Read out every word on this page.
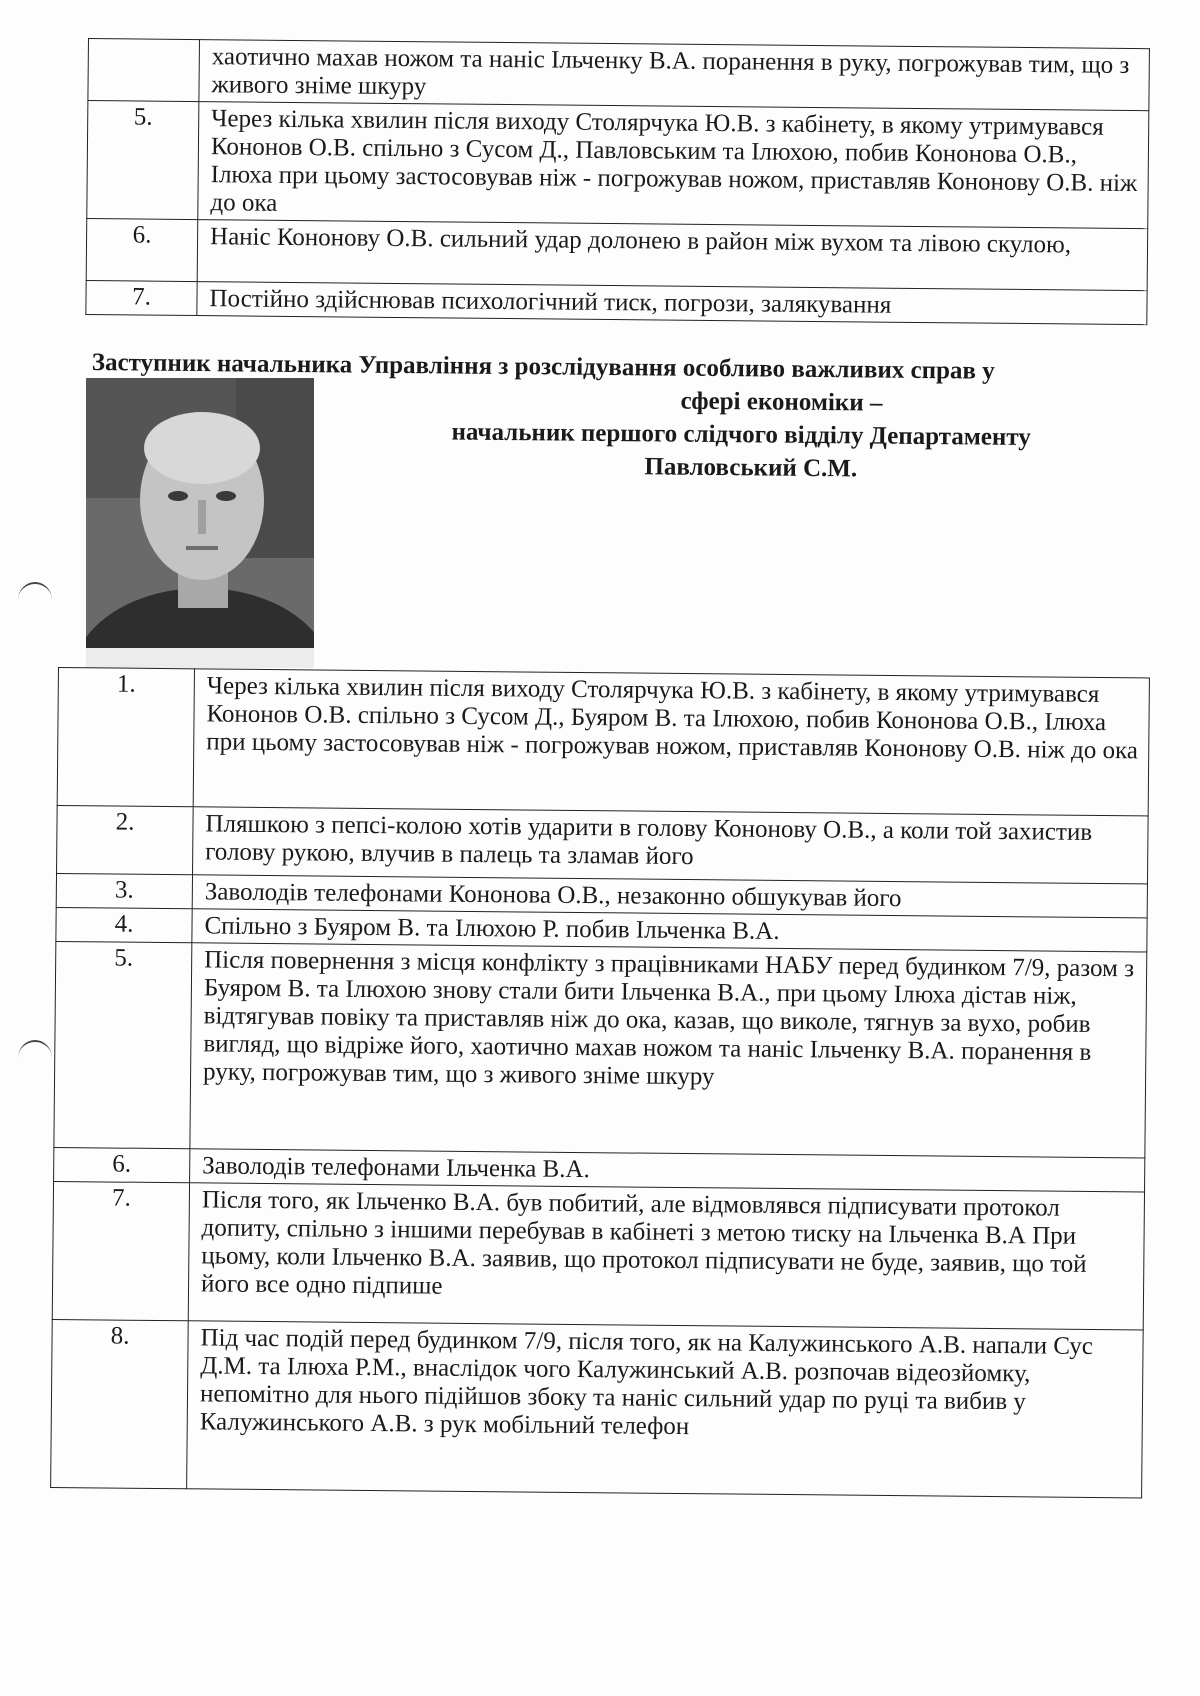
	хаотично махав ножом та наніс Ільченку В.А. поранення в руку, погрожував тим, що з живого зніме шкуру
5.	Через кілька хвилин після виходу Столярчука Ю.В. з кабінету, в якому утримувався Кононов О.В. спільно з Сусом Д., Павловським та Ілюхою, побив Кононова О.В., Ілюха при цьому застосовував ніж - погрожував ножом, приставляв Кононову О.В. ніж до ока
6.	Наніс Кононову О.В. сильний удар долонею в район між вухом та лівою скулою,
7.	Постійно здійснював психологічний тиск, погрози, залякування
Заступник начальника Управління з розслідування особливо важливих справ у
сфері економіки –
начальник першого слідчого відділу Департаменту
Павловський С.М.
1.	Через кілька хвилин після виходу Столярчука Ю.В. з кабінету, в якому утримувався Кононов О.В. спільно з Сусом Д., Буяром В. та Ілюхою, побив Кононова О.В., Ілюха при цьому застосовував ніж - погрожував ножом, приставляв Кононову О.В. ніж до ока
2.	Пляшкою з пепсі-колою хотів ударити в голову Кононову О.В., а коли той захистив голову рукою, влучив в палець та зламав його
3.	Заволодів телефонами Кононова О.В., незаконно обшукував його
4.	Спільно з Буяром В. та Ілюхою Р. побив Ільченка В.А.
5.	Після повернення з місця конфлікту з працівниками НАБУ перед будинком 7/9, разом з Буяром В. та Ілюхою знову стали бити Ільченка В.А., при цьому Ілюха дістав ніж, відтягував повіку та приставляв ніж до ока, казав, що виколе, тягнув за вухо, робив вигляд, що відріже його, хаотично махав ножом та наніс Ільченку В.А. поранення в руку, погрожував тим, що з живого зніме шкуру
6.	Заволодів телефонами Ільченка В.А.
7.	Після того, як Ільченко В.А. був побитий, але відмовлявся підписувати протокол допиту, спільно з іншими перебував в кабінеті з метою тиску на Ільченка В.А При цьому, коли Ільченко В.А. заявив, що протокол підписувати не буде, заявив, що той його все одно підпише
8.	Під час подій перед будинком 7/9, після того, як на Калужинського А.В. напали Сус Д.М. та Ілюха Р.М., внаслідок чого Калужинський А.В. розпочав відеозйомку, непомітно для нього підійшов збоку та наніс сильний удар по руці та вибив у Калужинського А.В. з рук мобільний телефон
